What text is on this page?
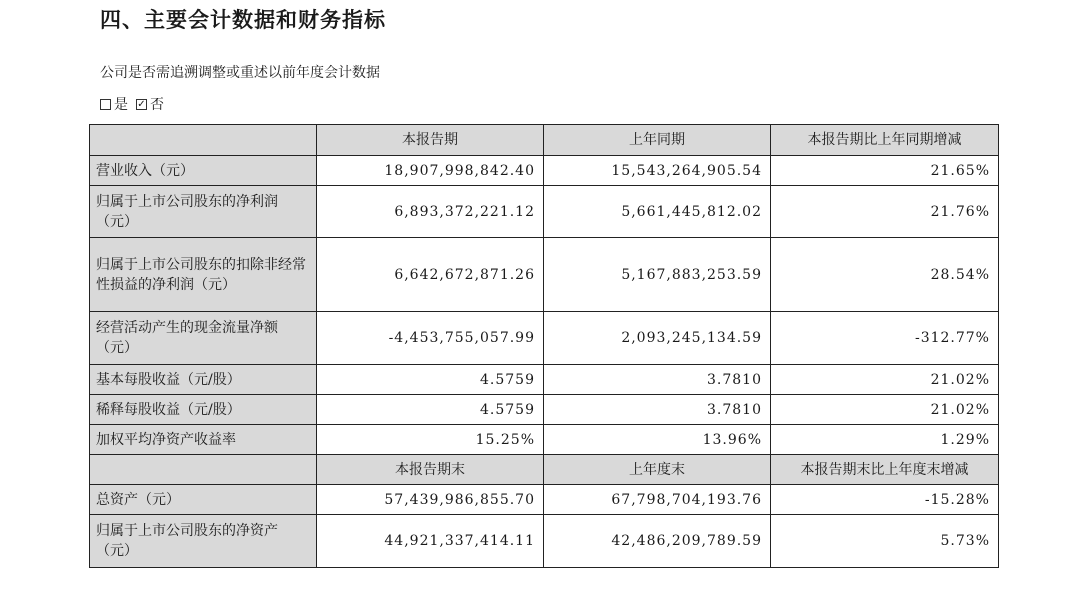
四、主要会计数据和财务指标
公司是否需追溯调整或重述以前年度会计数据
是 ✓ 否
	本报告期	上年同期	本报告期比上年同期增减
营业收入（元）	18,907,998,842.40	15,543,264,905.54	21.65%
归属于上市公司股东的净利润（元）	6,893,372,221.12	5,661,445,812.02	21.76%
归属于上市公司股东的扣除非经常性损益的净利润（元）	6,642,672,871.26	5,167,883,253.59	28.54%
经营活动产生的现金流量净额（元）	-4,453,755,057.99	2,093,245,134.59	-312.77%
基本每股收益（元/股）	4.5759	3.7810	21.02%
稀释每股收益（元/股）	4.5759	3.7810	21.02%
加权平均净资产收益率	15.25%	13.96%	1.29%
	本报告期末	上年度末	本报告期末比上年度末增减
总资产（元）	57,439,986,855.70	67,798,704,193.76	-15.28%
归属于上市公司股东的净资产（元）	44,921,337,414.11	42,486,209,789.59	5.73%
